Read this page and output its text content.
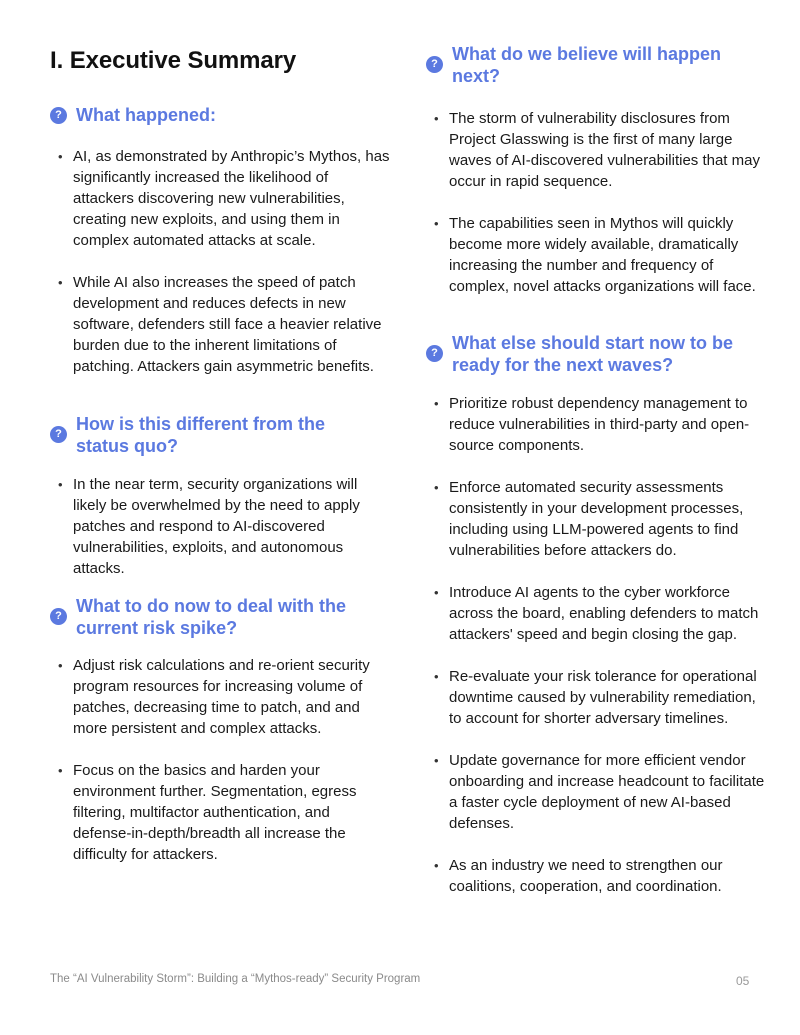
I. Executive Summary
? What happened:
• AI, as demonstrated by Anthropic’s Mythos, has significantly increased the likelihood of attackers discovering new vulnerabilities, creating new exploits, and using them in complex automated attacks at scale.
• While AI also increases the speed of patch development and reduces defects in new software, defenders still face a heavier relative burden due to the inherent limitations of patching. Attackers gain asymmetric benefits.
? How is this different from the status quo?
• In the near term, security organizations will likely be overwhelmed by the need to apply patches and respond to AI-discovered vulnerabilities, exploits, and autonomous attacks.
? What to do now to deal with the current risk spike?
• Adjust risk calculations and re-orient security program resources for increasing volume of patches, decreasing time to patch, and and more persistent and complex attacks.
• Focus on the basics and harden your environment further. Segmentation, egress filtering, multifactor authentication, and defense-in-depth/breadth all increase the difficulty for attackers.
? What do we believe will happen next?
• The storm of vulnerability disclosures from Project Glasswing is the first of many large waves of AI-discovered vulnerabilities that may occur in rapid sequence.
• The capabilities seen in Mythos will quickly become more widely available, dramatically increasing the number and frequency of complex, novel attacks organizations will face.
? What else should start now to be ready for the next waves?
• Prioritize robust dependency management to reduce vulnerabilities in third-party and open-source components.
• Enforce automated security assessments consistently in your development processes, including using LLM-powered agents to find vulnerabilities before attackers do.
• Introduce AI agents to the cyber workforce across the board, enabling defenders to match attackers' speed and begin closing the gap.
• Re-evaluate your risk tolerance for operational downtime caused by vulnerability remediation, to account for shorter adversary timelines.
• Update governance for more efficient vendor onboarding and increase headcount to facilitate a faster cycle deployment of new AI-based defenses.
• As an industry we need to strengthen our coalitions, cooperation, and coordination.
The “AI Vulnerability Storm”: Building a “Mythos-ready” Security Program	05
